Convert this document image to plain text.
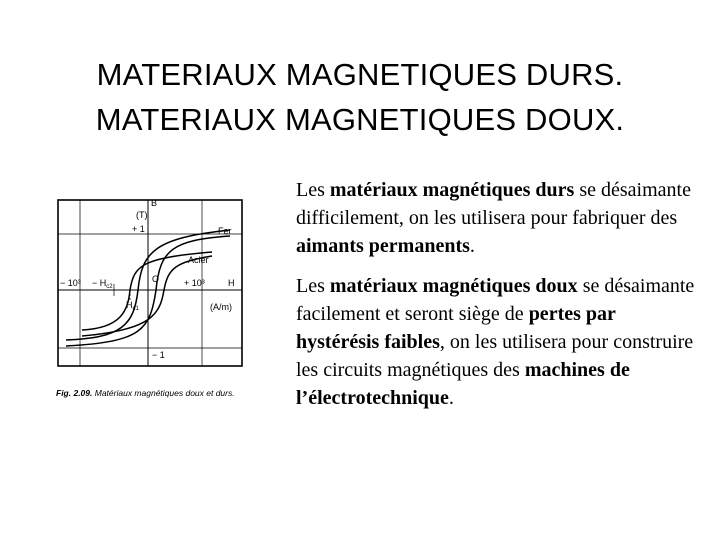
MATERIAUX MAGNETIQUES DURS.
MATERIAUX MAGNETIQUES DOUX.
B
(T)
+ 1
− 1
Fer
Acier
O	H
(A/m)
− $10^3 - H_{c2}$	+ 10³
$H_{c1}$
Fig. 2.09. Matériaux magnétiques doux et durs.

Les matériaux magnétiques durs se désaimante difficilement, on les utilisera pour fabriquer des aimants permanents.

Les matériaux magnétiques doux se désaimante facilement et seront siège de pertes par hystérésis faibles, on les utilisera pour construire les circuits magnétiques des machines de l’électrotechnique.
